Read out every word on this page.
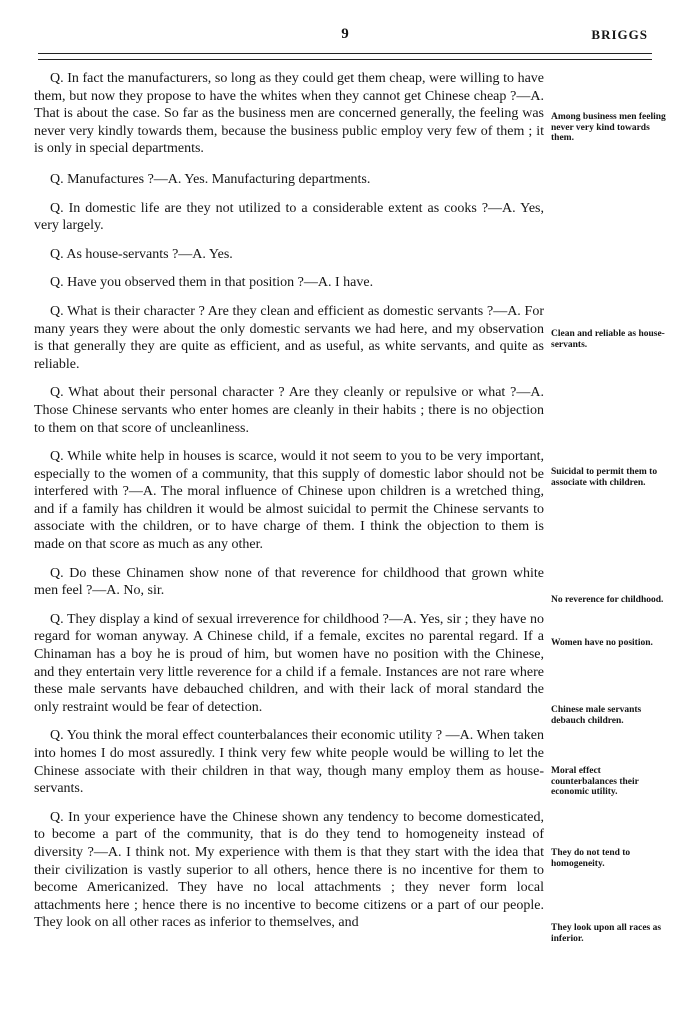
9	BRIGGS

Q. In fact the manufacturers, so long as they could get them cheap, were willing to have them, but now they propose to have the whites when they cannot get Chinese cheap ?—A. That is about the case. So far as the business men are concerned generally, the feeling was never very kindly towards them, because the business public employ very few of them ; it is only in special departments.

Q. Manufactures ?—A. Yes. Manufacturing departments.

Q. In domestic life are they not utilized to a considerable extent as cooks ?—A. Yes, very largely.

Q. As house-servants ?—A. Yes.

Q. Have you observed them in that position ?—A. I have.

Q. What is their character ? Are they clean and efficient as domestic servants ?—A. For many years they were about the only domestic servants we had here, and my observation is that generally they are quite as efficient, and as useful, as white servants, and quite as reliable.

Q. What about their personal character ? Are they cleanly or repulsive or what ?—A. Those Chinese servants who enter homes are cleanly in their habits ; there is no objection to them on that score of uncleanliness.

Q. While white help in houses is scarce, would it not seem to you to be very important, especially to the women of a community, that this supply of domestic labor should not be interfered with ?—A. The moral influence of Chinese upon children is a wretched thing, and if a family has children it would be almost suicidal to permit the Chinese servants to associate with the children, or to have charge of them. I think the objection to them is made on that score as much as any other.

Q. Do these Chinamen show none of that reverence for childhood that grown white men feel ?—A. No, sir.

Q. They display a kind of sexual irreverence for childhood ?—A. Yes, sir ; they have no regard for woman anyway. A Chinese child, if a female, excites no parental regard. If a Chinaman has a boy he is proud of him, but women have no position with the Chinese, and they entertain very little reverence for a child if a female. Instances are not rare where these male servants have debauched children, and with their lack of moral standard the only restraint would be fear of detection.

Q. You think the moral effect counterbalances their economic utility ? —A. When taken into homes I do most assuredly. I think very few white people would be willing to let the Chinese associate with their children in that way, though many employ them as house-servants.

Q. In your experience have the Chinese shown any tendency to become domesticated, to become a part of the community, that is do they tend to homogeneity instead of diversity ?—A. I think not. My experience with them is that they start with the idea that their civilization is vastly superior to all others, hence there is no incentive for them to become Americanized. They have no local attachments ; they never form local attachments here ; hence there is no incentive to become citizens or a part of our people. They look on all other races as inferior to themselves, and

Among business men feeling never very kind towards them.
Clean and reliable as house-servants.
Suicidal to permit them to associate with children.
No reverence for childhood.
Women have no position.
Chinese male servants debauch children.
Moral effect counterbalances their economic utility.
They do not tend to homogeneity.
They look upon all races as inferior.
